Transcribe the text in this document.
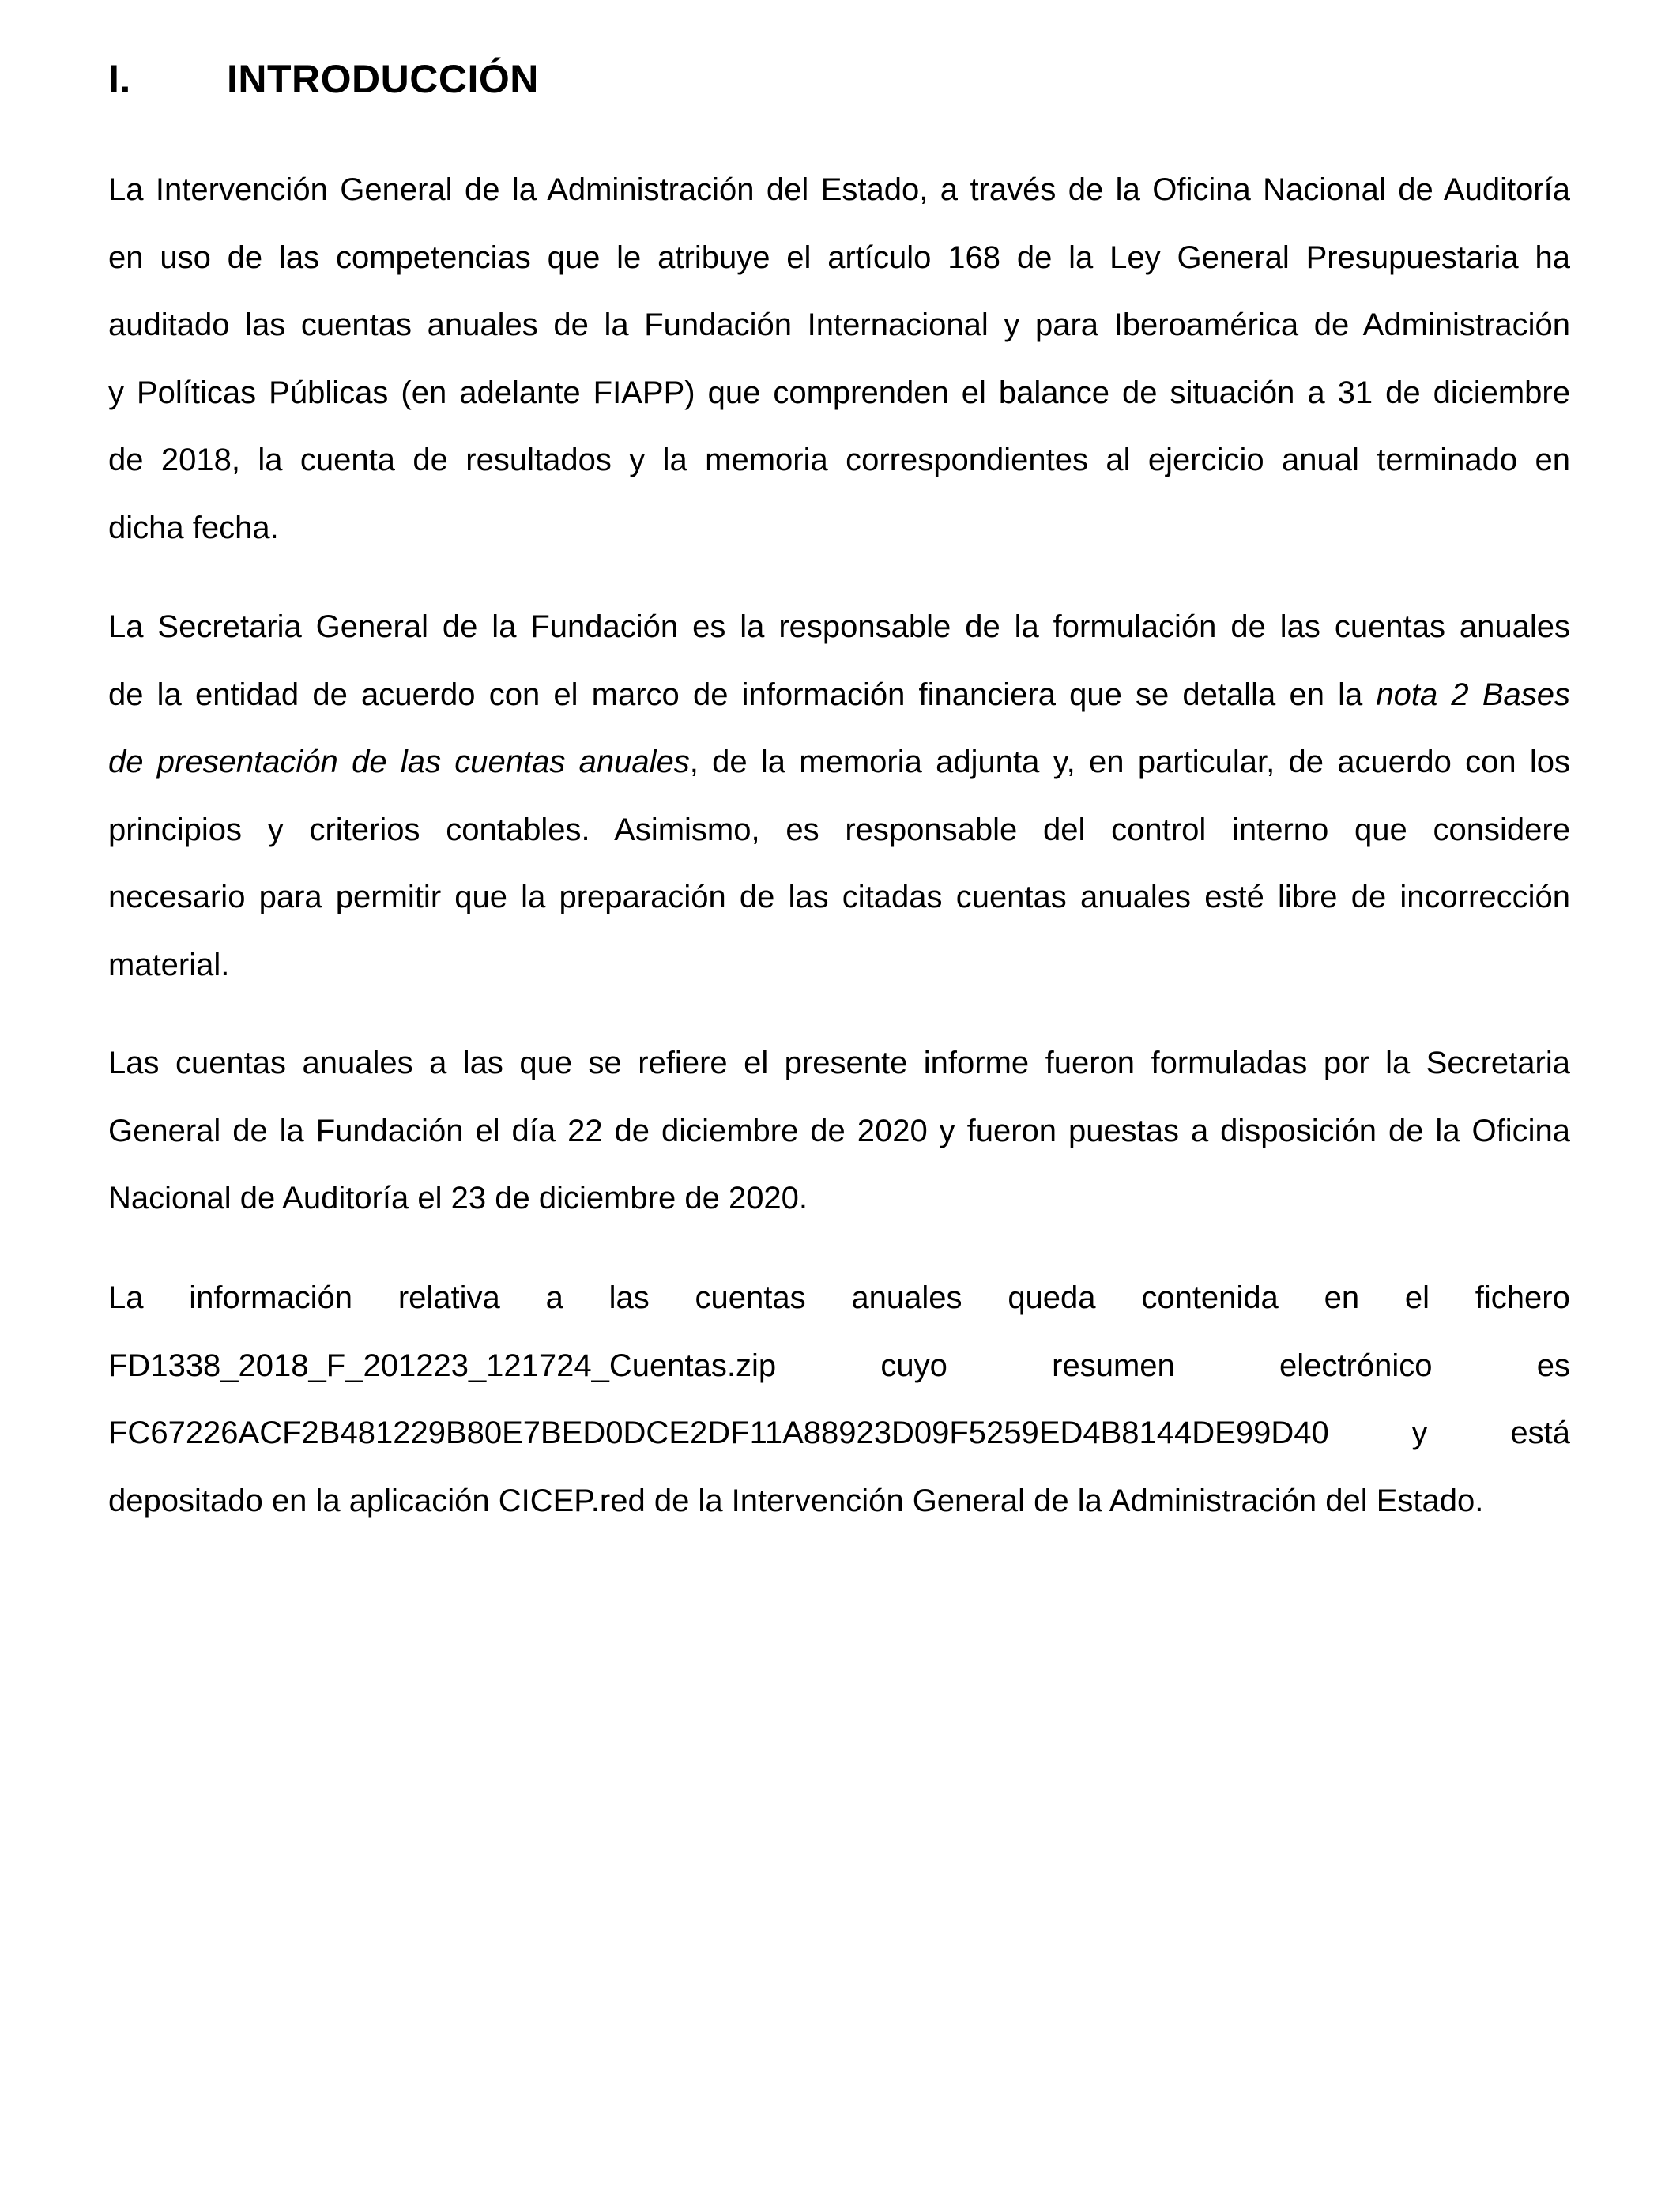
I. INTRODUCCIÓN
La Intervención General de la Administración del Estado, a través de la Oficina Nacional de Auditoría
en uso de las competencias que le atribuye el artículo 168 de la Ley General Presupuestaria ha
auditado las cuentas anuales de la Fundación Internacional y para Iberoamérica de Administración
y Políticas Públicas (en adelante FIAPP) que comprenden el balance de situación a 31 de diciembre
de 2018, la cuenta de resultados y la memoria correspondientes al ejercicio anual terminado en
dicha fecha.
La Secretaria General de la Fundación es la responsable de la formulación de las cuentas anuales
de la entidad de acuerdo con el marco de información financiera que se detalla en la nota 2 Bases
de presentación de las cuentas anuales, de la memoria adjunta y, en particular, de acuerdo con los
principios y criterios contables. Asimismo, es responsable del control interno que considere
necesario para permitir que la preparación de las citadas cuentas anuales esté libre de incorrección
material.
Las cuentas anuales a las que se refiere el presente informe fueron formuladas por la Secretaria
General de la Fundación el día 22 de diciembre de 2020 y fueron puestas a disposición de la Oficina
Nacional de Auditoría el 23 de diciembre de 2020.
La información relativa a las cuentas anuales queda contenida en el fichero
FD1338_2018_F_201223_121724_Cuentas.zip	cuyo	resumen	electrónico	es
FC67226ACF2B481229B80E7BED0DCE2DF11A88923D09F5259ED4B8144DE99D40	y	está
depositado en la aplicación CICEP.red de la Intervención General de la Administración del Estado.
